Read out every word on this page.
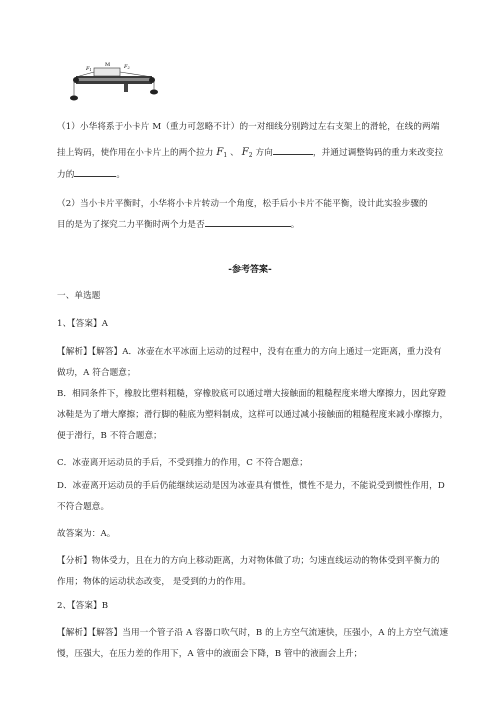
$F_1$
M	$F_2$
（1）小华将系于小卡片 M（重力可忽略不计）的一对细线分别跨过左右支架上的滑轮，在线的两端
挂上钩码，使作用在小卡片上的两个拉力 $F_1$ 、 $F_2$ 方向	，并通过调整钩码的重力来改变拉
力的	。
（2）当小卡片平衡时，小华将小卡片转动一个角度，松手后小卡片不能平衡，设计此实验步骤的
目的是为了探究二力平衡时两个力是否	。
-参考答案-
一、单选题
1、【答案】A
【解析】【解答】A．冰壶在水平冰面上运动的过程中，没有在重力的方向上通过一定距离，重力没有
做功，A 符合题意；
B．相同条件下，橡胶比塑料粗糙，穿橡胶底可以通过增大接触面的粗糙程度来增大摩擦力，因此穿蹬
冰鞋是为了增大摩擦；滑行脚的鞋底为塑料制成，这样可以通过减小接触面的粗糙程度来减小摩擦力，
便于滑行，B 不符合题意；
C．冰壶离开运动员的手后，不受到推力的作用，C 不符合题意；
D．冰壶离开运动员的手后仍能继续运动是因为冰壶具有惯性，惯性不是力，不能说受到惯性作用，D
不符合题意。
故答案为：A。
【分析】物体受力，且在力的方向上移动距离，力对物体做了功；匀速直线运动的物体受到平衡力的
作用；物体的运动状态改变， 是受到的力的作用。
2、【答案】B
【解析】【解答】当用一个管子沿 A 容器口吹气时，B 的上方空气流速快，压强小，A 的上方空气流速
慢，压强大，在压力差的作用下，A 管中的液面会下降，B 管中的液面会上升；
